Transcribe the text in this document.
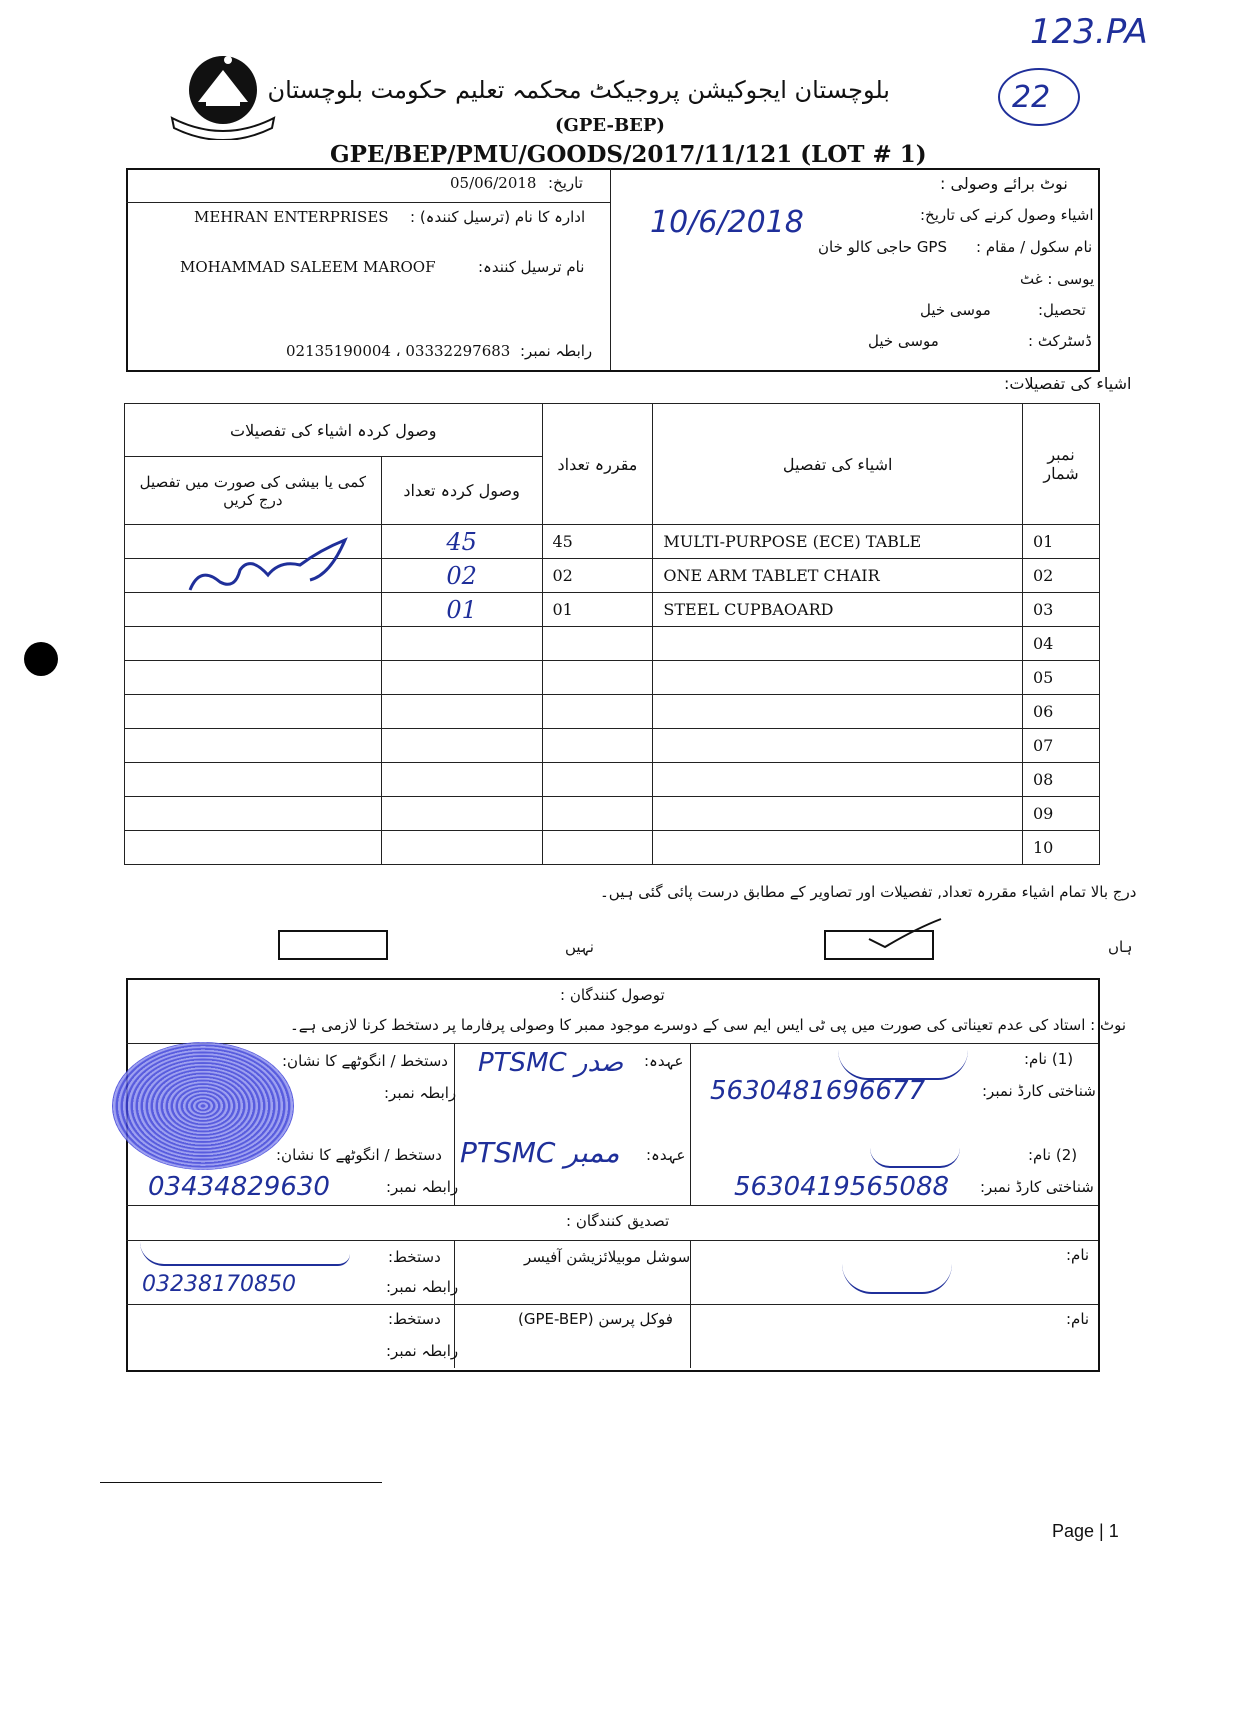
123.PA
22
بلوچستان ایجوکیشن پروجیکٹ محکمہ تعلیم حکومت بلوچستان
(GPE-BEP)
GPE/BEP/PMU/GOODS/2017/11/121 (LOT # 1)
نوٹ برائے وصولی :
تاریخ:
05/06/2018
ادارہ کا نام (ترسیل کنندہ) :
MEHRAN ENTERPRISES
نام ترسیل کنندہ:
MOHAMMAD SALEEM MAROOF
رابطہ نمبر:
02135190004 ، 03332297683
اشیاء وصول کرنے کی تاریخ:
10/6/2018
نام سکول / مقام :
GPS حاجی کالو خان
یوسی : غٹ
تحصیل:
موسی خیل
ڈسٹرکٹ :
موسی خیل
اشیاء کی تفصیلات:
وصول کردہ اشیاء کی تفصیلات		مقررہ تعداد	اشیاء کی تفصیل	نمبر شمار
کمی یا بیشی کی صورت میں تفصیل درج کریں	وصول کردہ تعداد			
	45	45	MULTI-PURPOSE (ECE) TABLE	01
	02	02	ONE ARM TABLET CHAIR	02
	01	01	STEEL CUPBAOARD	03
				04
				05
				06
				07
				08
				09
				10
درج بالا تمام اشیاء مقررہ تعداد, تفصیلات اور تصاویر کے مطابق درست پائی گئی ہیں۔
نہیں	ہاں
توصول کنندگان :
نوٹ : استاد کی عدم تعیناتی کی صورت میں پی ٹی ایس ایم سی کے دوسرے موجود ممبر کا وصولی پرفارما پر دستخط کرنا لازمی ہے۔
(1) نام:
شناختی کارڈ نمبر:
5630481696677
عہدہ:
PTSMC صدر
دستخط / انگوٹھے کا نشان:
رابطہ نمبر:
(2) نام:
شناختی کارڈ نمبر:
5630419565088
عہدہ:
PTSMC ممبر
دستخط / انگوٹھے کا نشان:
رابطہ نمبر:
03434829630
تصدیق کنندگان :
نام:
سوشل موبیلائزیشن آفیسر
دستخط:
رابطہ نمبر:
03238170850
نام:
فوکل پرسن (GPE-BEP)
دستخط:
رابطہ نمبر:
Page | 1
